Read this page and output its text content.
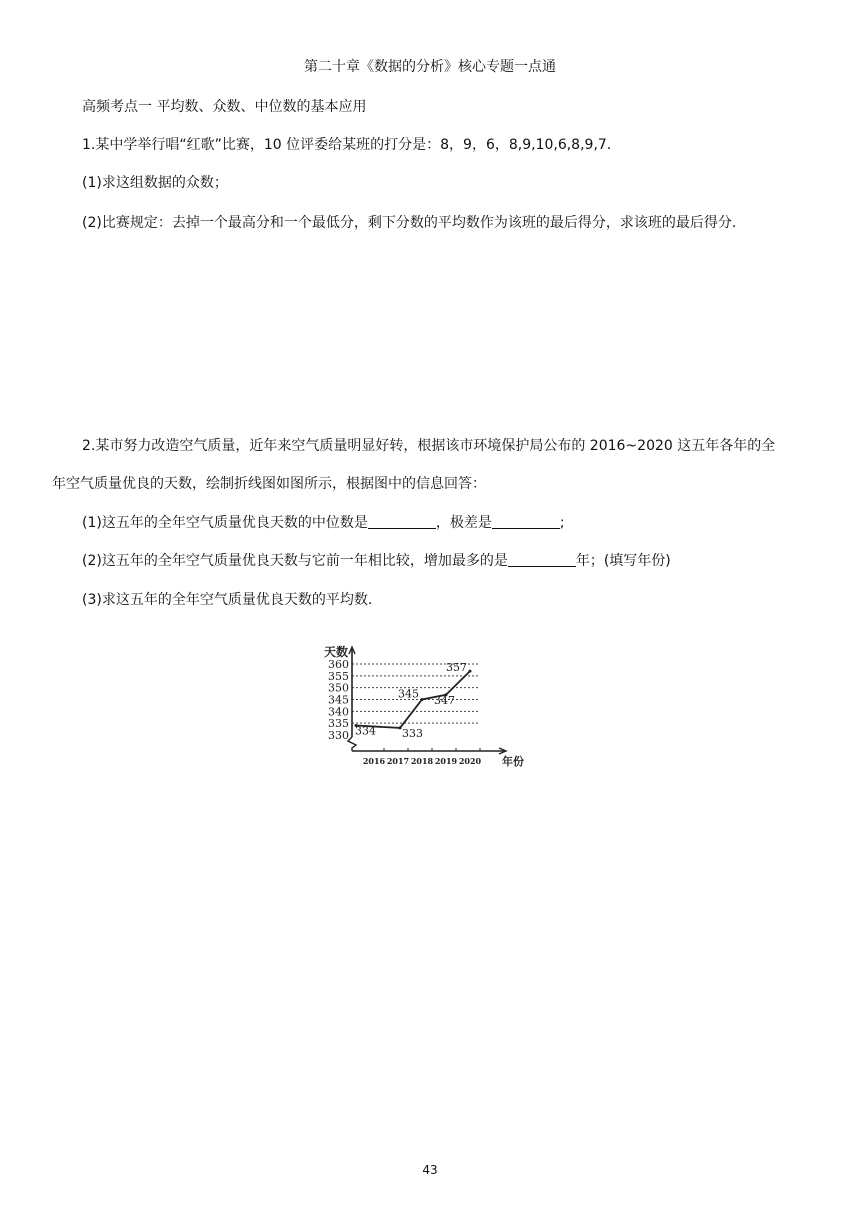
第二十章《数据的分析》核心专题一点通
高频考点一 平均数、众数、中位数的基本应用
1.某中学举行唱“红歌”比赛，10 位评委给某班的打分是：8，9，6，8,9,10,6,8,9,7.
(1)求这组数据的众数；
(2)比赛规定：去掉一个最高分和一个最低分，剩下分数的平均数作为该班的最后得分，求该班的最后得分.
2.某市努力改造空气质量，近年来空气质量明显好转，根据该市环境保护局公布的 2016~2020 这五年各年的全
年空气质量优良的天数，绘制折线图如图所示，根据图中的信息回答：
(1)这五年的全年空气质量优良天数的中位数是	，极差是	;
(2)这五年的全年空气质量优良天数与它前一年相比较，增加最多的是	年；(填写年份)
(3)求这五年的全年空气质量优良天数的平均数.
330
335
340
345
350
355
360
2016 2017 2018 2019 2020
334 333
345 347
357
天数
年份
43
